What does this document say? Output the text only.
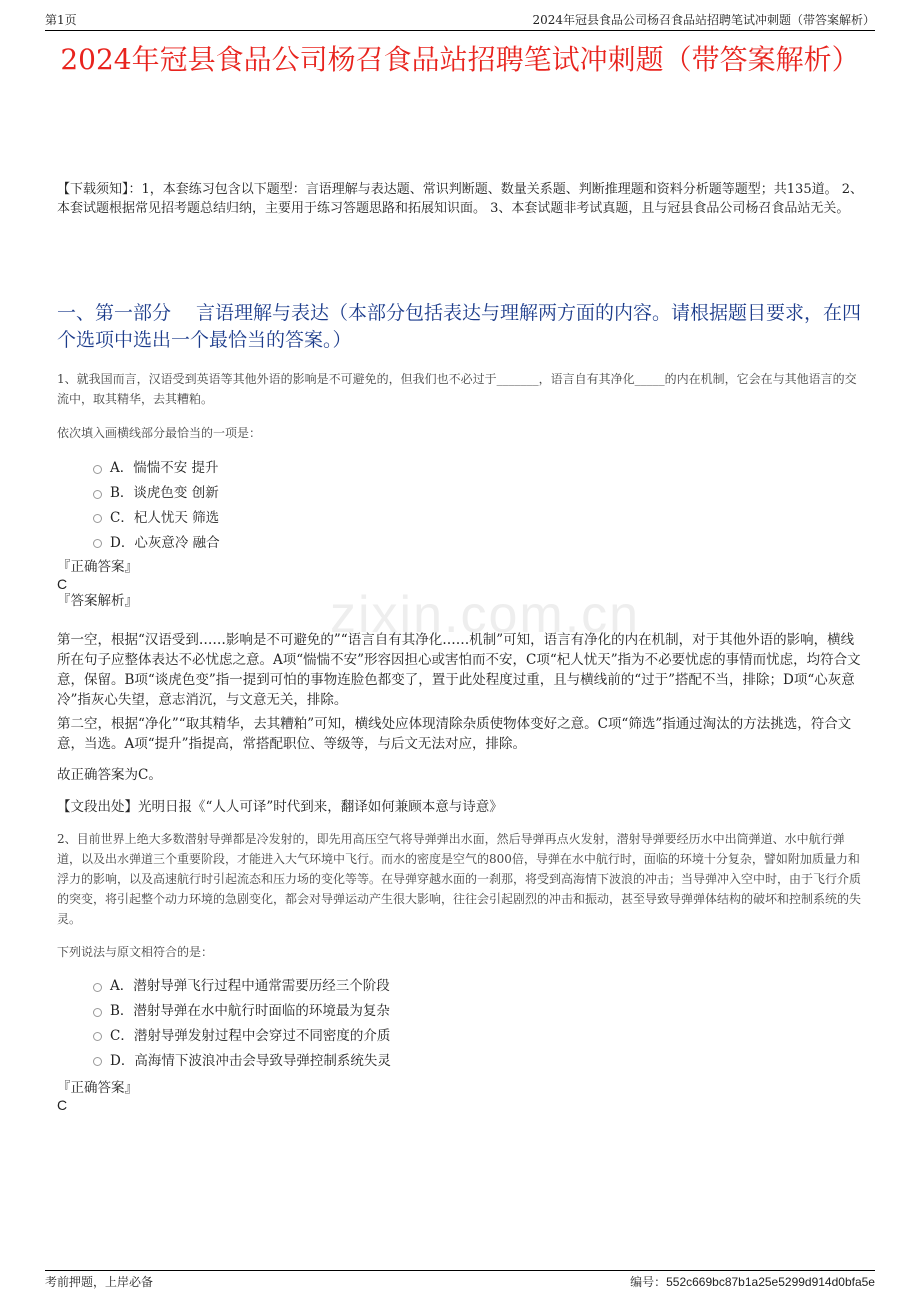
第1页	2024年冠县食品公司杨召食品站招聘笔试冲刺题（带答案解析）
2024年冠县食品公司杨召食品站招聘笔试冲刺题（带答案解析）
【下载须知】：1，本套练习包含以下题型：言语理解与表达题、常识判断题、数量关系题、判断推理题和资料分析题等题型；共135道。 2、本套试题根据常见招考题总结归纳，主要用于练习答题思路和拓展知识面。 3、本套试题非考试真题，且与冠县食品公司杨召食品站无关。
一、第一部分　 言语理解与表达（本部分包括表达与理解两方面的内容。请根据题目要求，在四个选项中选出一个最恰当的答案。）
1、就我国而言，汉语受到英语等其他外语的影响是不可避免的，但我们也不必过于_______，语言自有其净化_____的内在机制，它会在与其他语言的交流中，取其精华，去其糟粕。
依次填入画横线部分最恰当的一项是：
A． 惴惴不安 提升
B． 谈虎色变 创新
C． 杞人忧天 筛选
D． 心灰意冷 融合
『正确答案』
C
『答案解析』	zixin.com.cn
第一空，根据“汉语受到……影响是不可避免的”“语言自有其净化……机制”可知，语言有净化的内在机制，对于其他外语的影响，横线所在句子应整体表达不必忧虑之意。A项“惴惴不安”形容因担心或害怕而不安，C项“杞人忧天”指为不必要忧虑的事情而忧虑，均符合文意，保留。B项“谈虎色变”指一提到可怕的事物连脸色都变了，置于此处程度过重，且与横线前的“过于”搭配不当，排除；D项“心灰意冷”指灰心失望，意志消沉，与文意无关，排除。
第二空，根据“净化”“取其精华，去其糟粕”可知，横线处应体现清除杂质使物体变好之意。C项“筛选”指通过淘汰的方法挑选，符合文意，当选。A项“提升”指提高，常搭配职位、等级等，与后文无法对应，排除。
故正确答案为C。
【文段出处】光明日报《“人人可译”时代到来，翻译如何兼顾本意与诗意》
2、目前世界上绝大多数潜射导弹都是冷发射的，即先用高压空气将导弹弹出水面，然后导弹再点火发射，潜射导弹要经历水中出筒弹道、水中航行弹道，以及出水弹道三个重要阶段，才能进入大气环境中飞行。而水的密度是空气的800倍，导弹在水中航行时，面临的环境十分复杂，譬如附加质量力和浮力的影响，以及高速航行时引起流态和压力场的变化等等。在导弹穿越水面的一刹那，将受到高海情下波浪的冲击；当导弹冲入空中时，由于飞行介质的突变，将引起整个动力环境的急剧变化，都会对导弹运动产生很大影响，往往会引起剧烈的冲击和振动，甚至导致导弹弹体结构的破坏和控制系统的失灵。
下列说法与原文相符合的是：
A． 潜射导弹飞行过程中通常需要历经三个阶段
B． 潜射导弹在水中航行时面临的环境最为复杂
C． 潜射导弹发射过程中会穿过不同密度的介质
D． 高海情下波浪冲击会导致导弹控制系统失灵
『正确答案』
C
考前押题，上岸必备	编号：552c669bc87b1a25e5299d914d0bfa5e
